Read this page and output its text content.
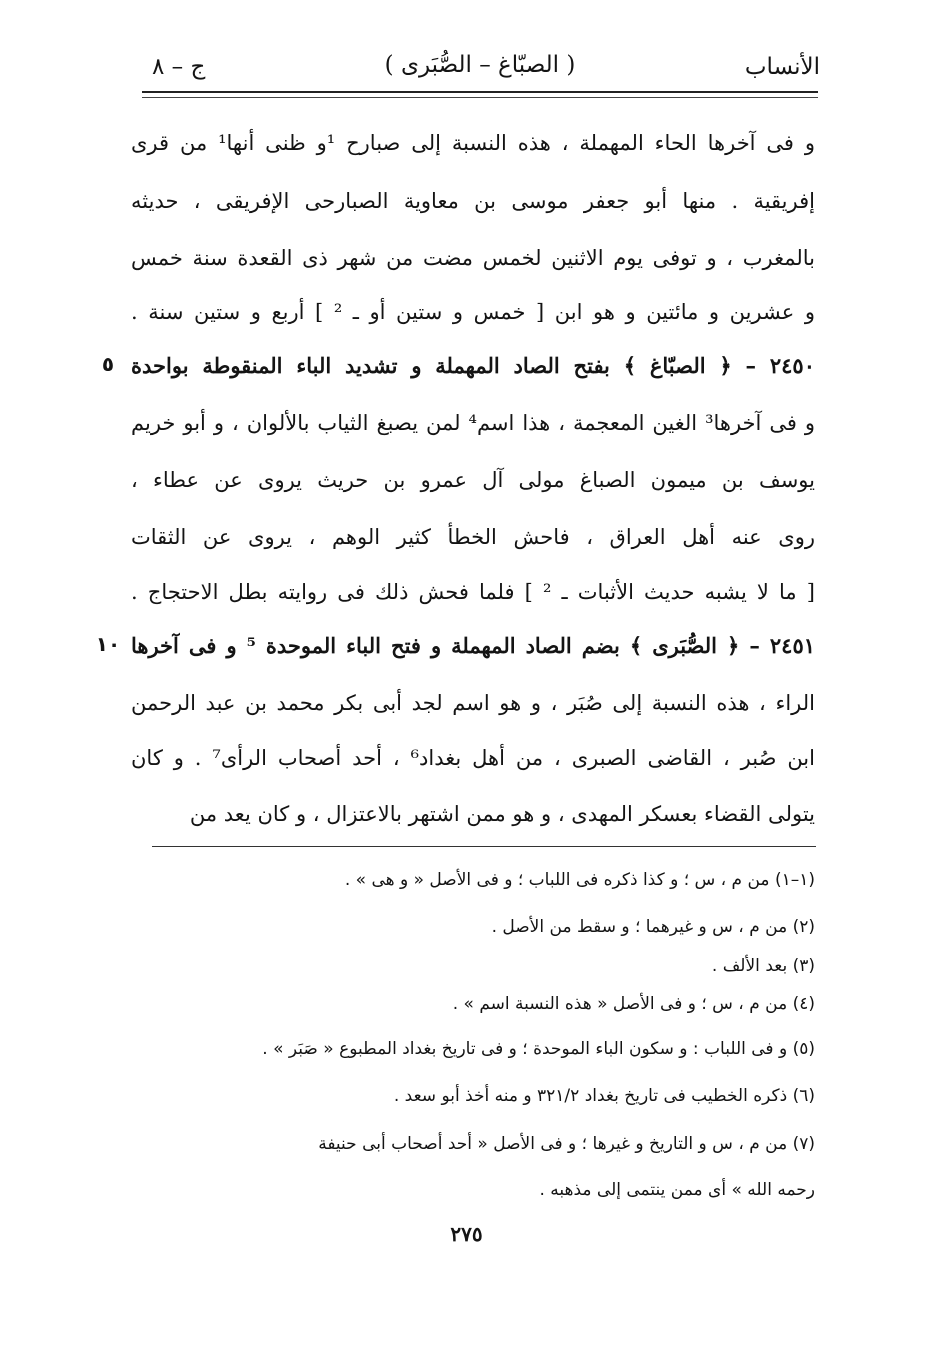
الأنساب
( الصبّاغ – الصُّبَرى )
ج – ٨
و فى آخرها الحاء المهملة ، هذه النسبة إلى صبارح ¹و ظنى أنها¹ من قرى
إفريقية . منها أبو جعفر موسى بن معاوية الصبارحى الإفريقى ، حديثه
بالمغرب ، و توفى يوم الاثنين لخمس مضت من شهر ذى القعدة سنة خمس
و عشرين و مائتين و هو ابن [ خمس و ستين أو ـ ² ] أربع و ستين سنة .
٢٤٥٠ – ﴿ الصبّاغ ﴾ بفتح الصاد المهملة و تشديد الباء المنقوطة بواحدة
و فى آخرها³ الغين المعجمة ، هذا اسم⁴ لمن يصبغ الثياب بالألوان ، و أبو خريم
يوسف بن ميمون الصباغ مولى آل عمرو بن حريث يروى عن عطاء ،
روى عنه أهل العراق ، فاحش الخطأ كثير الوهم ، يروى عن الثقات
[ ما لا يشبه حديث الأثبات ـ ² ] فلما فحش ذلك فى روايته بطل الاحتجاج .
٢٤٥١ – ﴿ الصُّبَرى ﴾ بضم الصاد المهملة و فتح الباء الموحدة ⁵ و فى آخرها
الراء ، هذه النسبة إلى صُبَر ، و هو اسم لجد أبى بكر محمد بن عبد الرحمن
ابن صُبر ، القاضى الصبرى ، من أهل بغداد⁶ ، أحد أصحاب الرأى⁷ . و كان
يتولى القضاء بعسكر المهدى ، و هو ممن اشتهر بالاعتزال ، و كان يعد من
٥
١٠
(١–١) من م ، س ؛ و كذا ذكره فى اللباب ؛ و فى الأصل « و هى » .
(٢) من م ، س و غيرهما ؛ و سقط من الأصل .
(٣) بعد الألف .
(٤) من م ، س ؛ و فى الأصل « هذه النسبة اسم » .
(٥) و فى اللباب : و سكون الباء الموحدة ؛ و فى تاريخ بغداد المطبوع « صَبَر » .
(٦) ذكره الخطيب فى تاريخ بغداد ٣٢١/٢ و منه أخذ أبو سعد .
(٧) من م ، س و التاريخ و غيرها ؛ و فى الأصل « أحد أصحاب أبى حنيفة
رحمه الله » أى ممن ينتمى إلى مذهبه .
٢٧٥
